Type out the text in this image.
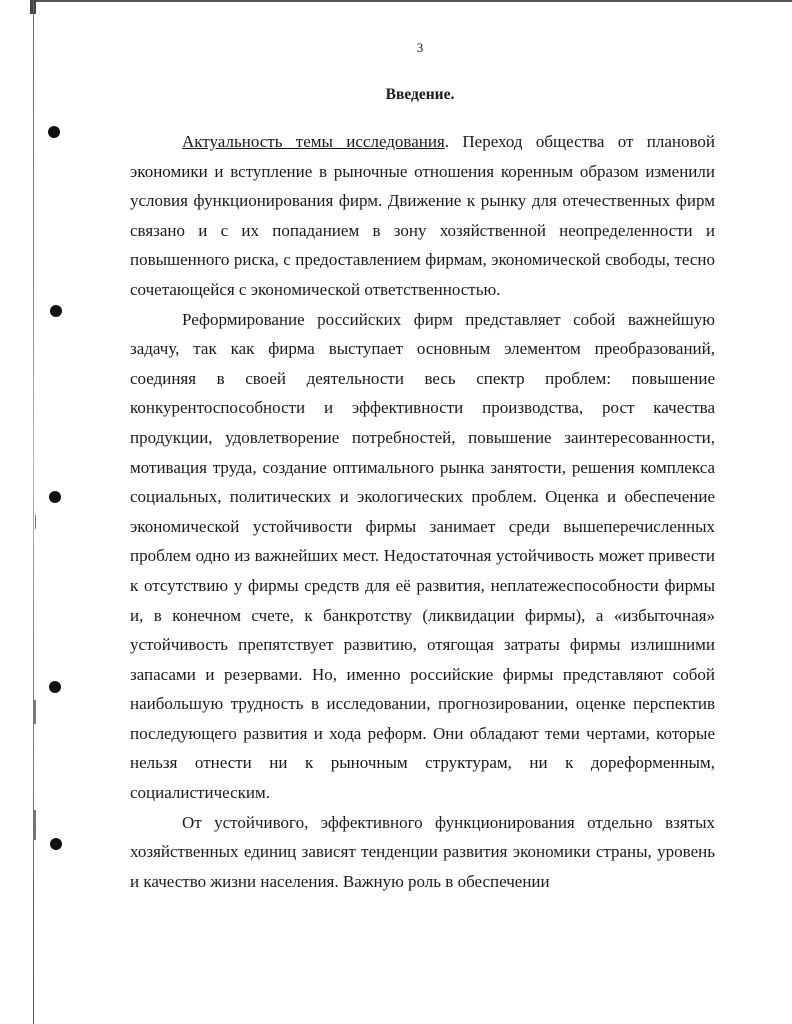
3
Введение.

Актуальность темы исследования. Переход общества от плановой экономики и вступление в рыночные отношения коренным образом изменили условия функционирования фирм. Движение к рынку для отечественных фирм связано и с их попаданием в зону хозяйственной неопределенности и повышенного риска, с предоставлением фирмам, экономической свободы, тесно сочетающейся с экономической ответственностью.

Реформирование российских фирм представляет собой важнейшую задачу, так как фирма выступает основным элементом преобразований, соединяя в своей деятельности весь спектр проблем: повышение конкурентоспособности и эффективности производства, рост качества продукции, удовлетворение потребностей, повышение заинтересованности, мотивация труда, создание оптимального рынка занятости, решения комплекса социальных, политических и экологических проблем. Оценка и обеспечение экономической устойчивости фирмы занимает среди вышеперечисленных проблем одно из важнейших мест. Недостаточная устойчивость может привести к отсутствию у фирмы средств для её развития, неплатежеспособности фирмы и, в конечном счете, к банкротству (ликвидации фирмы), а «избыточная» устойчивость препятствует развитию, отягощая затраты фирмы излишними запасами и резервами. Но, именно российские фирмы представляют собой наибольшую трудность в исследовании, прогнозировании, оценке перспектив последующего развития и хода реформ. Они обладают теми чертами, которые нельзя отнести ни к рыночным структурам, ни к дореформенным, социалистическим.

От устойчивого, эффективного функционирования отдельно взятых хозяйственных единиц зависят тенденции развития экономики страны, уровень и качество жизни населения. Важную роль в обеспечении
